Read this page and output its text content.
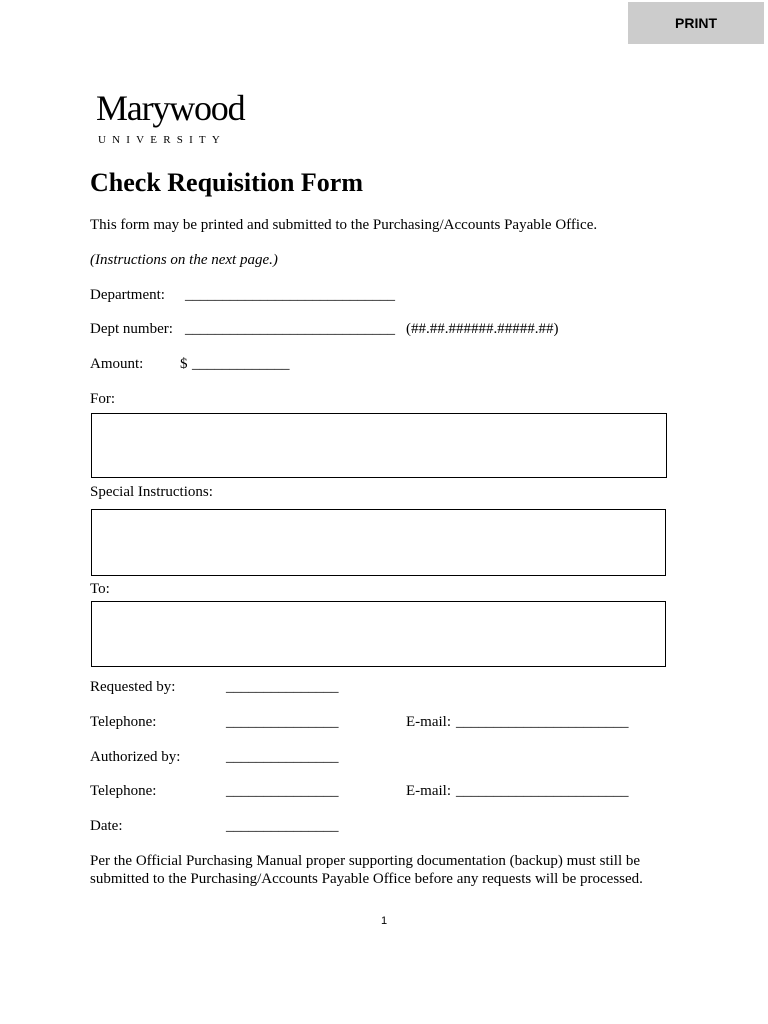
PRINT
Marywood
UNIVERSITY
Check Requisition Form
This form may be printed and submitted to the Purchasing/Accounts Payable Office.
(Instructions on the next page.)
Department: ____________________________
Dept number: ____________________________ (##.##.######.#####.##)
Amount: $ _____________
For:
Special Instructions:
To:
Requested by:	_______________
Telephone:	_______________	E-mail: _______________________
Authorized by:	_______________
Telephone:	_______________	E-mail: _______________________
Date:	_______________
Per the Official Purchasing Manual proper supporting documentation (backup) must still be
submitted to the Purchasing/Accounts Payable Office before any requests will be processed.
1
